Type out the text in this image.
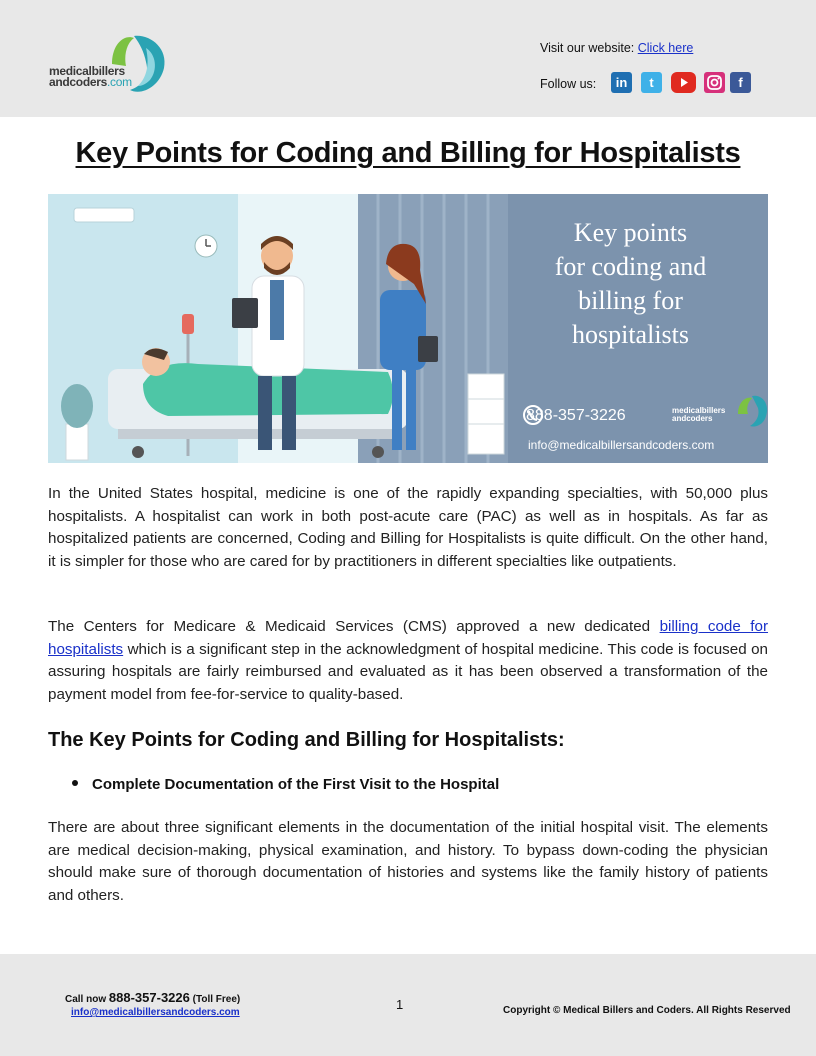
medicalbillers
andcoders.com
Visit our website: Click here
Follow us:	in	t	f
Key Points for Coding and Billing for Hospitalists
Key points
for coding and
billing for
hospitalists
888-357-3226	medicalbillers
andcoders
info@medicalbillersandcoders.com

In the United States hospital, medicine is one of the rapidly expanding specialties, with 50,000 plus hospitalists. A hospitalist can work in both post-acute care (PAC) as well as in hospitals. As far as hospitalized patients are concerned, Coding and Billing for Hospitalists is quite difficult. On the other hand, it is simpler for those who are cared for by practitioners in different specialties like outpatients.

The Centers for Medicare & Medicaid Services (CMS) approved a new dedicated billing code for hospitalists which is a significant step in the acknowledgment of hospital medicine. This code is focused on assuring hospitals are fairly reimbursed and evaluated as it has been observed a transformation of the payment model from fee-for-service to quality-based.

The Key Points for Coding and Billing for Hospitalists:
Complete Documentation of the First Visit to the Hospital

There are about three significant elements in the documentation of the initial hospital visit. The elements are medical decision-making, physical examination, and history. To bypass down-coding the physician should make sure of thorough documentation of histories and systems like the family history of patients and others.

Call now 888-357-3226 (Toll Free)
info@medicalbillersandcoders.com
1	Copyright © Medical Billers and Coders. All Rights Reserved
